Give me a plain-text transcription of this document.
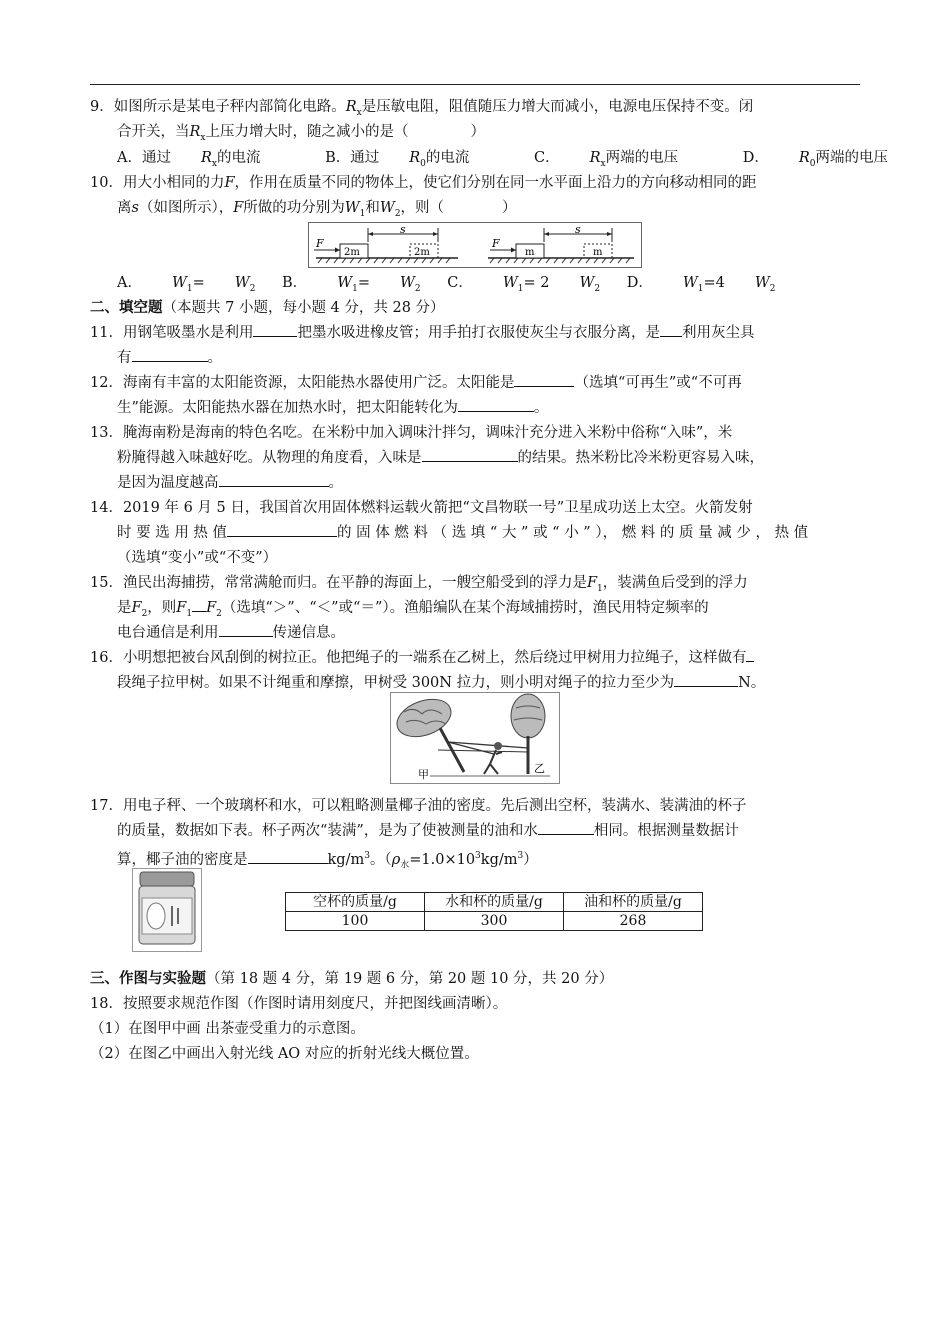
9．如图所示是某电子秤内部简化电路。$R_x$是压敏电阻，阻值随压力增大而减小，电源电压保持不变。闭
合开关，当$R_x$上压力增大时，随之减小的是（	）
A．通过 $R_x$的电流	B．通过 $R_0$的电流	C． $R_x$两端的电压	D． $R_0$两端的电压
10．用大小相同的力F，作用在质量不同的物体上，使它们分别在同一水平面上沿力的方向移动相同的距
离s（如图所示），F所做的功分别为$W_1$和$W_2$，则（	）
F
s
2m	2m
F
s
m	m
A． $W_1= W_2$ B． $W_1=W_2$ C． $W_1= 2$ $W_2$ D． $W_1=4W_2$
二、填空题（本题共 7 小题，每小题 4 分，共 28 分）
11．用钢笔吸墨水是利用	把墨水吸进橡皮管；用手拍打衣服使灰尘与衣服分离，是 利用灰尘具
有	。
12．海南有丰富的太阳能资源，太阳能热水器使用广泛。太阳能是	（选填“可再生”或“不可再
生”能源。太阳能热水器在加热水时，把太阳能转化为	。
13．腌海南粉是海南的特色名吃。在米粉中加入调味汁拌匀，调味汁充分进入米粉中俗称“入味”，米
粉腌得越入味越好吃。从物理的角度看，入味是	的结果。热米粉比冷米粉更容易入味，
是因为温度越高	。
14．2019 年 6 月 5 日，我国首次用固体燃料运载火箭把“文昌物联一号”卫星成功送上太空。火箭发射
时 要 选 用 热 值	的 固 体 燃 料 （ 选 填 “ 大 ” 或 “ 小 ” ）， 燃 料 的 质 量 减 少 ， 热 值
（选填“变小”或“不变”）
15．渔民出海捕捞，常常满舱而归。在平静的海面上，一艘空船受到的浮力是$F_1$，装满鱼后受到的浮力
是$F_2$，则$F_1$ $F_2$（选填“＞”、“＜”或“＝”）。渔船编队在某个海域捕捞时，渔民用特定频率的
电台通信是利用	传递信息。
16．小明想把被台风刮倒的树拉正。他把绳子的一端系在乙树上，然后绕过甲树用力拉绳子，这样做有
段绳子拉甲树。如果不计绳重和摩擦，甲树受 300N 拉力，则小明对绳子的拉力至少为	N。
甲	乙
17．用电子秤、一个玻璃杯和水，可以粗略测量椰子油的密度。先后测出空杯，装满水、装满油的杯子
的质量，数据如下表。杯子两次“装满”，是为了使被测量的油和水	相同。根据测量数据计
算，椰子油的密度是	$kg/m^3$。$(\rho_水=1.0\times 10^3kg/m^3)$
空杯的质量/g	水和杯的质量/g	油和杯的质量/g
100	300	268
三、作图与实验题（第 18 题 4 分，第 19 题 6 分，第 20 题 10 分，共 20 分）
18．按照要求规范作图（作图时请用刻度尺，并把图线画清晰）。
（1）在图甲中画 出茶壶受重力的示意图。
（2）在图乙中画出入射光线 AO 对应的折射光线大概位置。
